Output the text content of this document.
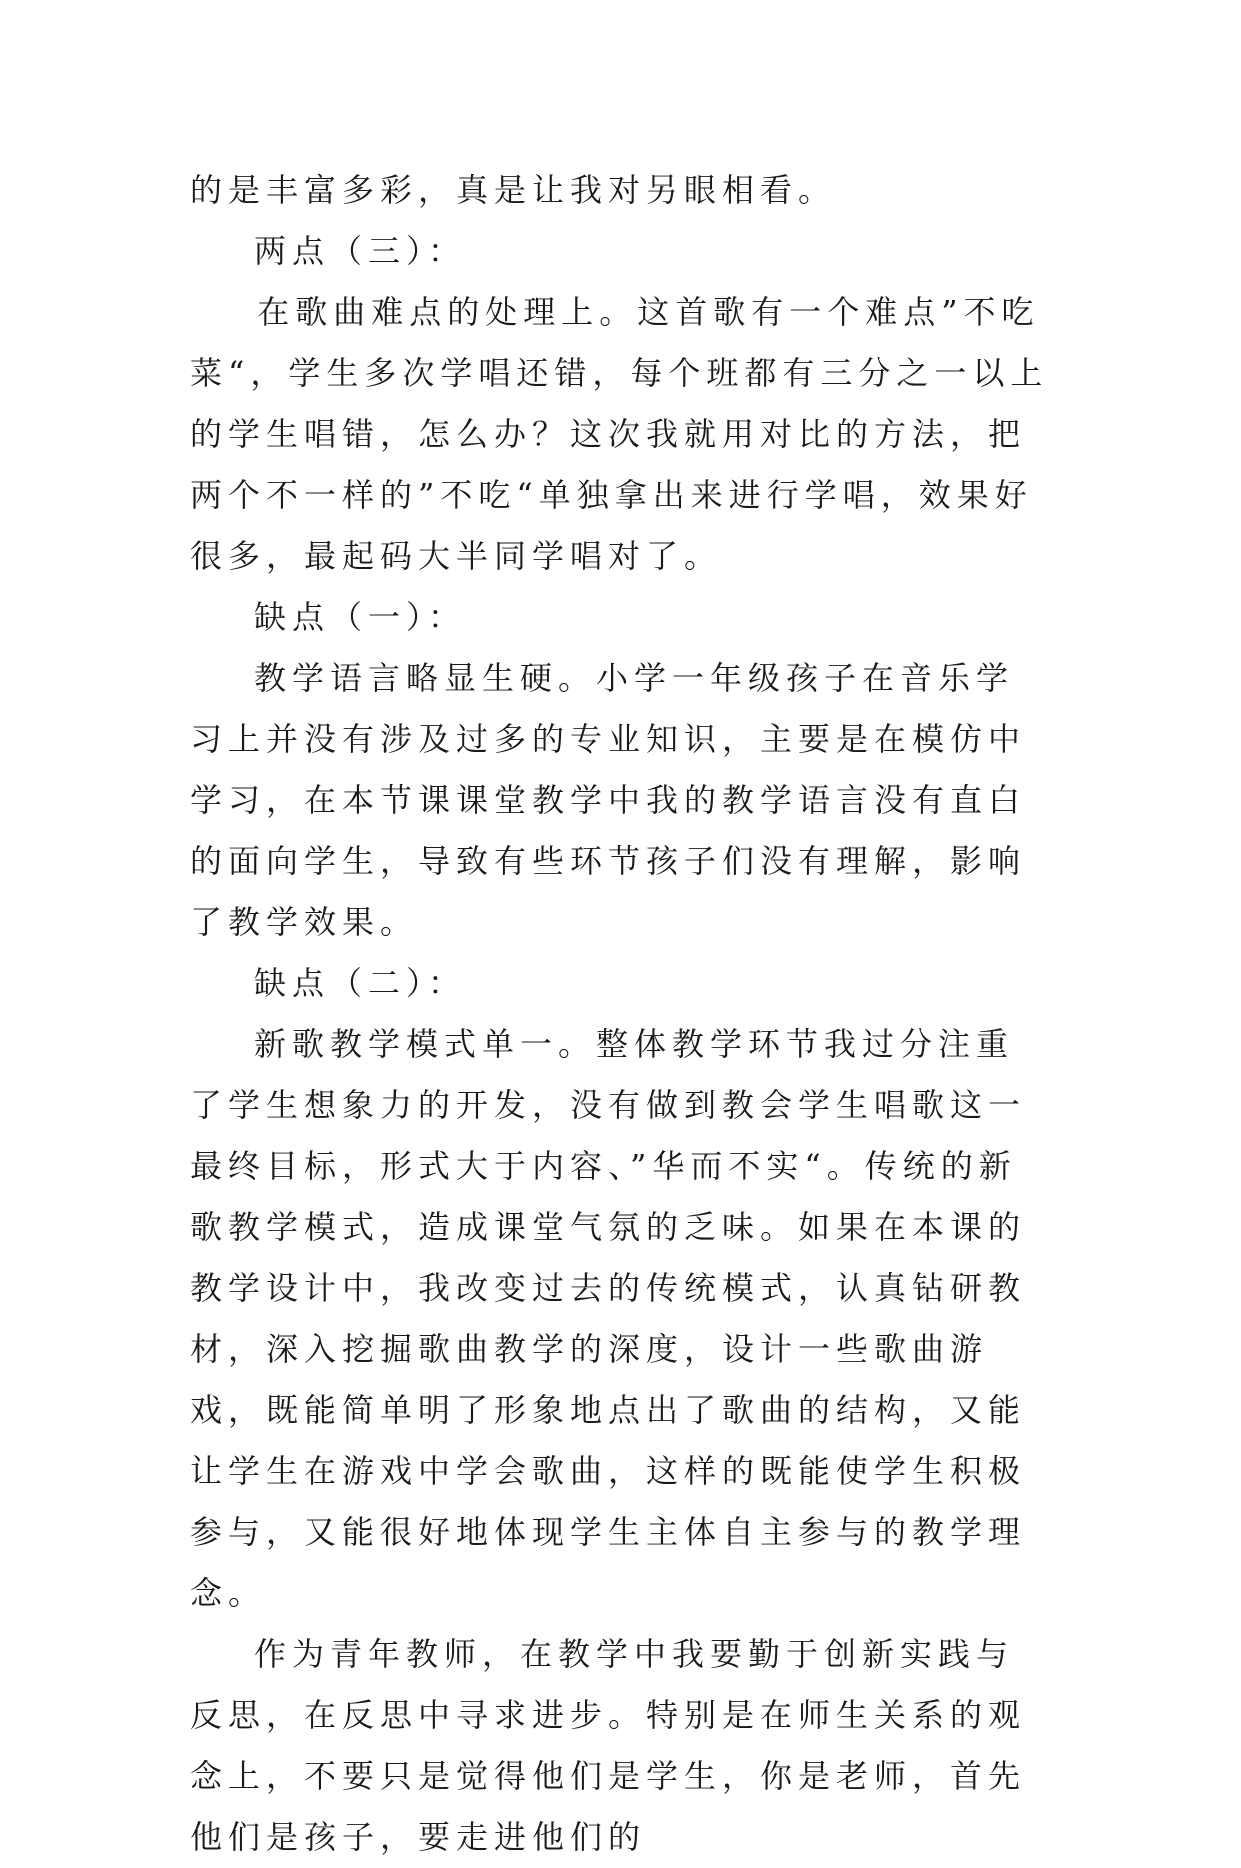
的是丰富多彩，真是让我对另眼相看。

两点（三）：

在歌曲难点的处理上。这首歌有一个难点”不吃菜“，学生多次学唱还错，每个班都有三分之一以上的学生唱错，怎么办？这次我就用对比的方法，把两个不一样的”不吃“单独拿出来进行学唱，效果好很多，最起码大半同学唱对了。

缺点（一）：

教学语言略显生硬。小学一年级孩子在音乐学习上并没有涉及过多的专业知识，主要是在模仿中学习，在本节课课堂教学中我的教学语言没有直白的面向学生，导致有些环节孩子们没有理解，影响了教学效果。

缺点（二）：

新歌教学模式单一。整体教学环节我过分注重了学生想象力的开发，没有做到教会学生唱歌这一最终目标，形式大于内容、”华而不实“。传统的新歌教学模式，造成课堂气氛的乏味。如果在本课的教学设计中，我改变过去的传统模式，认真钻研教材，深入挖掘歌曲教学的深度，设计一些歌曲游戏，既能简单明了形象地点出了歌曲的结构，又能让学生在游戏中学会歌曲，这样的既能使学生积极参与，又能很好地体现学生主体自主参与的教学理念。

作为青年教师，在教学中我要勤于创新实践与反思，在反思中寻求进步。特别是在师生关系的观念上，不要只是觉得他们是学生，你是老师，首先他们是孩子，要走进他们的
